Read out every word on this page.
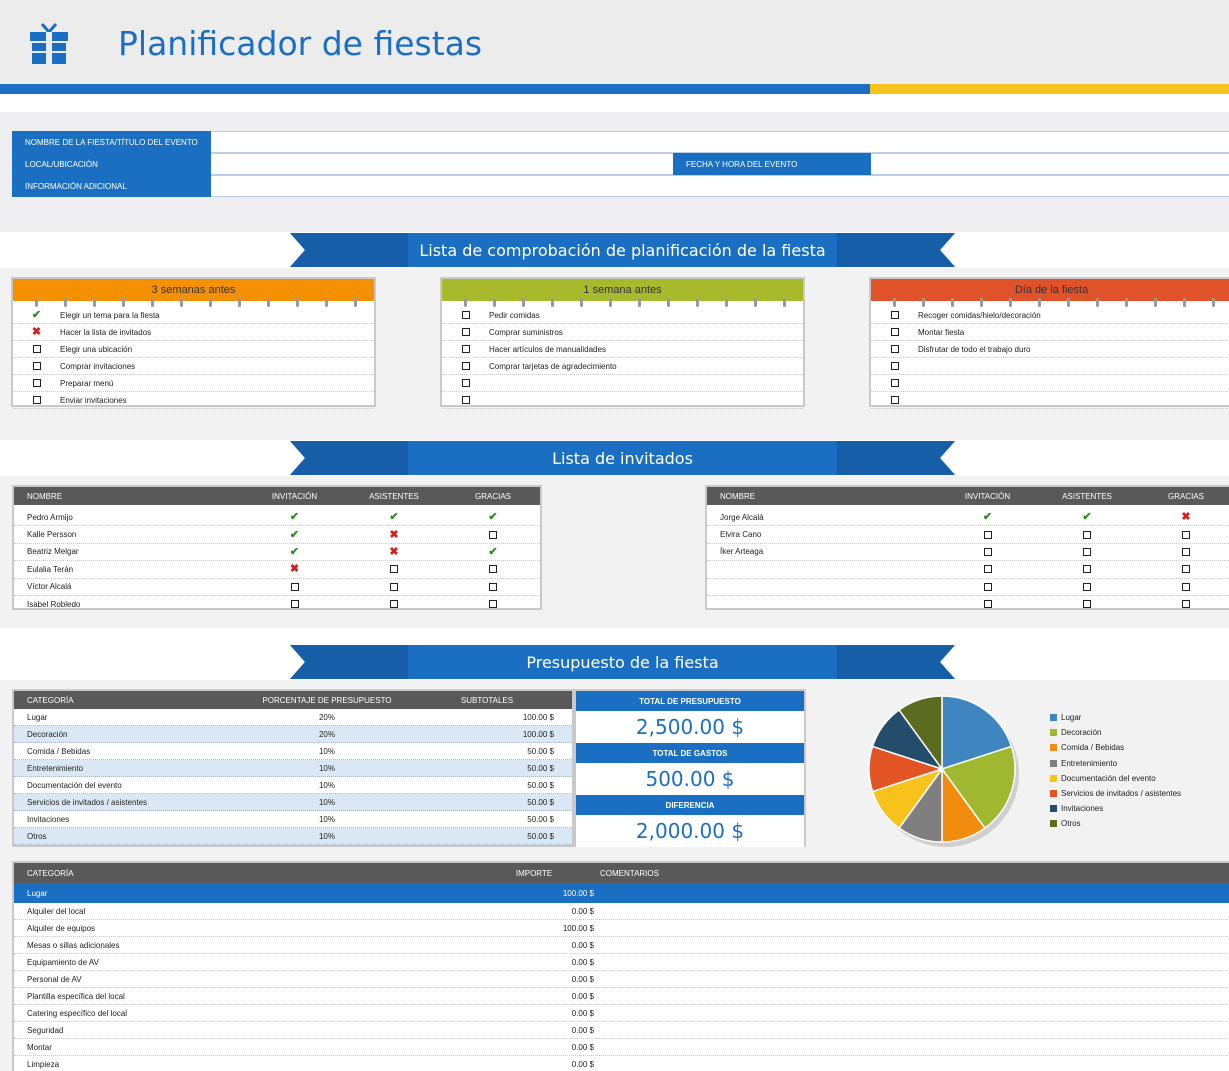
Planificador de fiestas
NOMBRE DE LA FIESTA/TÍTULO DEL EVENTO
LOCAL/UBICACIÓN	FECHA Y HORA DEL EVENTO
INFORMACIÓN ADICIONAL
Lista de comprobación de planificación de la fiesta
3 semanas antes
✔ Elegir un tema para la fiesta
✖ Hacer la lista de invitados
Elegir una ubicación
Comprar invitaciones
Preparar menú
Enviar invitaciones
1 semana antes
Pedir comidas
Comprar suministros
Hacer artículos de manualidades
Comprar tarjetas de agradecimiento
Día de la fiesta
Recoger comidas/hielo/decoración
Montar fiesta
Disfrutar de todo el trabajo duro
Lista de invitados
NOMBRE	INVITACIÓN	ASISTENTES	GRACIAS
Pedro Armijo	✔	✔	✔
Kalle Persson	✔	✖
Beatriz Melgar	✔	✖	✔
Eulalia Terán	✖
Víctor Alcalá
Isabel Robledo
NOMBRE	INVITACIÓN	ASISTENTES	GRACIAS
Jorge Alcalá	✔	✔	✖
Elvira Cano
Íker Arteaga
Presupuesto de la fiesta
CATEGORÍA	PORCENTAJE DE PRESUPUESTO	SUBTOTALES
Lugar	20%	100.00 $
Decoración	20%	100.00 $
Comida / Bebidas	10%	50.00 $
Entretenimiento	10%	50.00 $
Documentación del evento	10%	50.00 $
Servicios de invitados / asistentes	10%	50.00 $
Invitaciones	10%	50.00 $
Otros	10%	50.00 $
TOTAL DE PRESUPUESTO
2,500.00 $
TOTAL DE GASTOS
500.00 $
DIFERENCIA
2,000.00 $
Lugar
Decoración
Comida / Bebidas
Entretenimiento
Documentación del evento
Servicios de invitados / asistentes
Invitaciones
Otros
CATEGORÍA	IMPORTE	COMENTARIOS
Lugar	100.00 $
Alquiler del local	0.00 $
Alquiler de equipos	100.00 $
Mesas o sillas adicionales	0.00 $
Equipamiento de AV	0.00 $
Personal de AV	0.00 $
Plantilla específica del local	0.00 $
Catering específico del local	0.00 $
Seguridad	0.00 $
Montar	0.00 $
Limpieza	0.00 $
